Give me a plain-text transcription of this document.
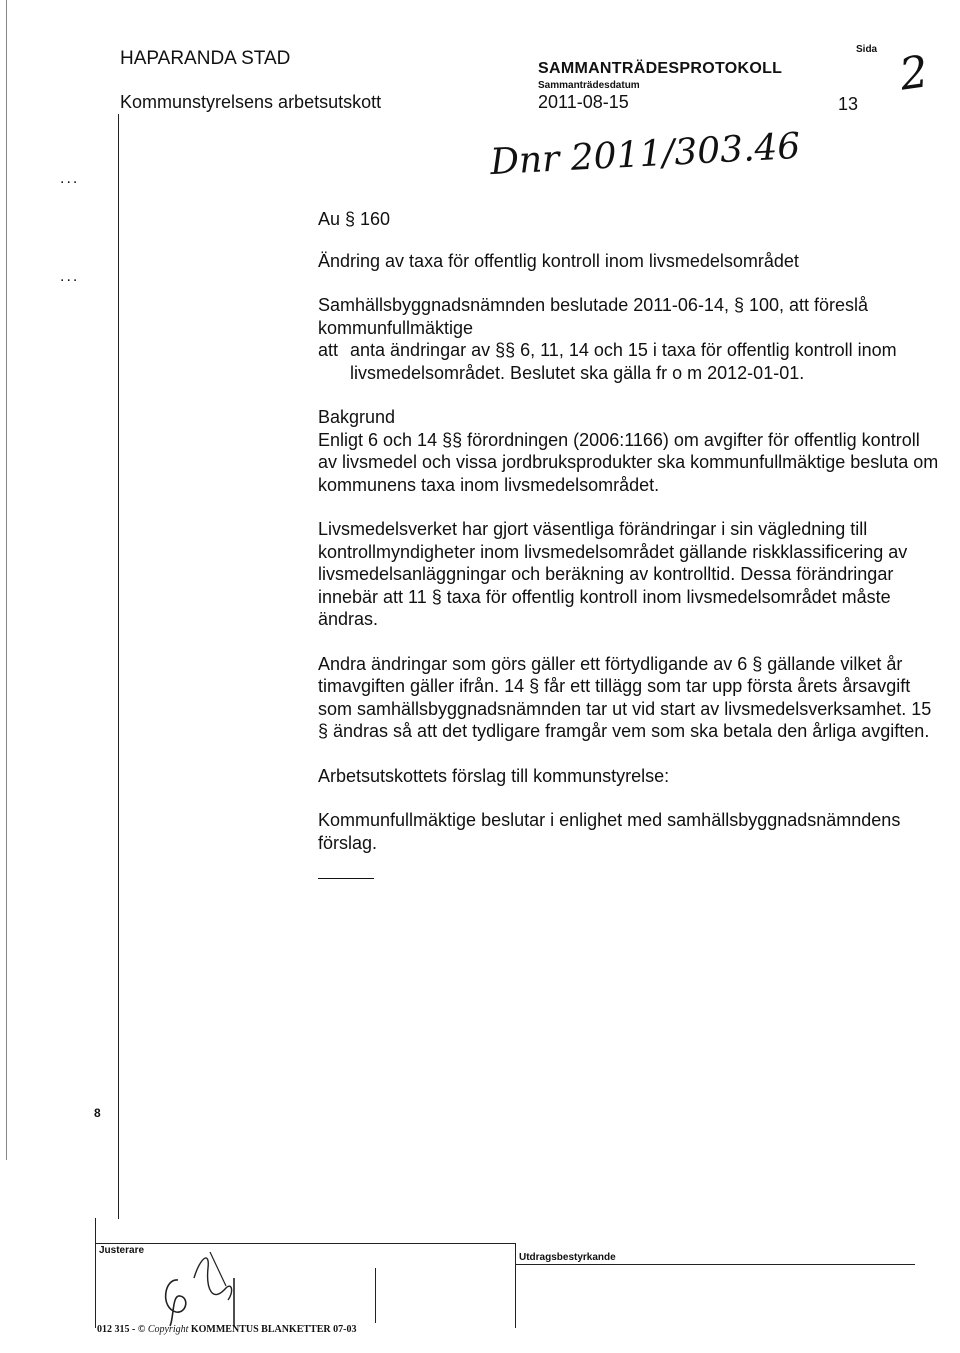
HAPARANDA STAD
Kommunstyrelsens arbetsutskott
SAMMANTRÄDESPROTOKOLL
Sammanträdesdatum
2011-08-15
Sida
13
2
Dnr 2011/303.46
...
...
8

Au § 160

Ändring av taxa för offentlig kontroll inom livsmedelsområdet

Samhällsbyggnadsnämnden beslutade 2011-06-14, § 100, att föreslå kommunfullmäktige

att anta ändringar av §§ 6, 11, 14 och 15 i taxa för offentlig kontroll inom livsmedelsområdet. Beslutet ska gälla fr o m 2012-01-01.

Bakgrund

Enligt 6 och 14 §§ förordningen (2006:1166) om avgifter för offentlig kontroll av livsmedel och vissa jordbruksprodukter ska kommunfullmäktige besluta om kommunens taxa inom livsmedelsområdet.

Livsmedelsverket har gjort väsentliga förändringar i sin vägledning till kontrollmyndigheter inom livsmedelsområdet gällande riskklassificering av livsmedelsanläggningar och beräkning av kontrolltid. Dessa förändringar innebär att 11 § taxa för offentlig kontroll inom livsmedelsområdet måste ändras.

Andra ändringar som görs gäller ett förtydligande av 6 § gällande vilket år timavgiften gäller ifrån. 14 § får ett tillägg som tar upp första årets årsavgift som samhällsbyggnadsnämnden tar ut vid start av livsmedelsverksamhet. 15 § ändras så att det tydligare framgår vem som ska betala den årliga avgiften.

Arbetsutskottets förslag till kommunstyrelse:

Kommunfullmäktige beslutar i enlighet med samhällsbyggnadsnämndens förslag.

Justerare
Utdragsbestyrkande
012 315 - © Copyright KOMMENTUS BLANKETTER 07-03
